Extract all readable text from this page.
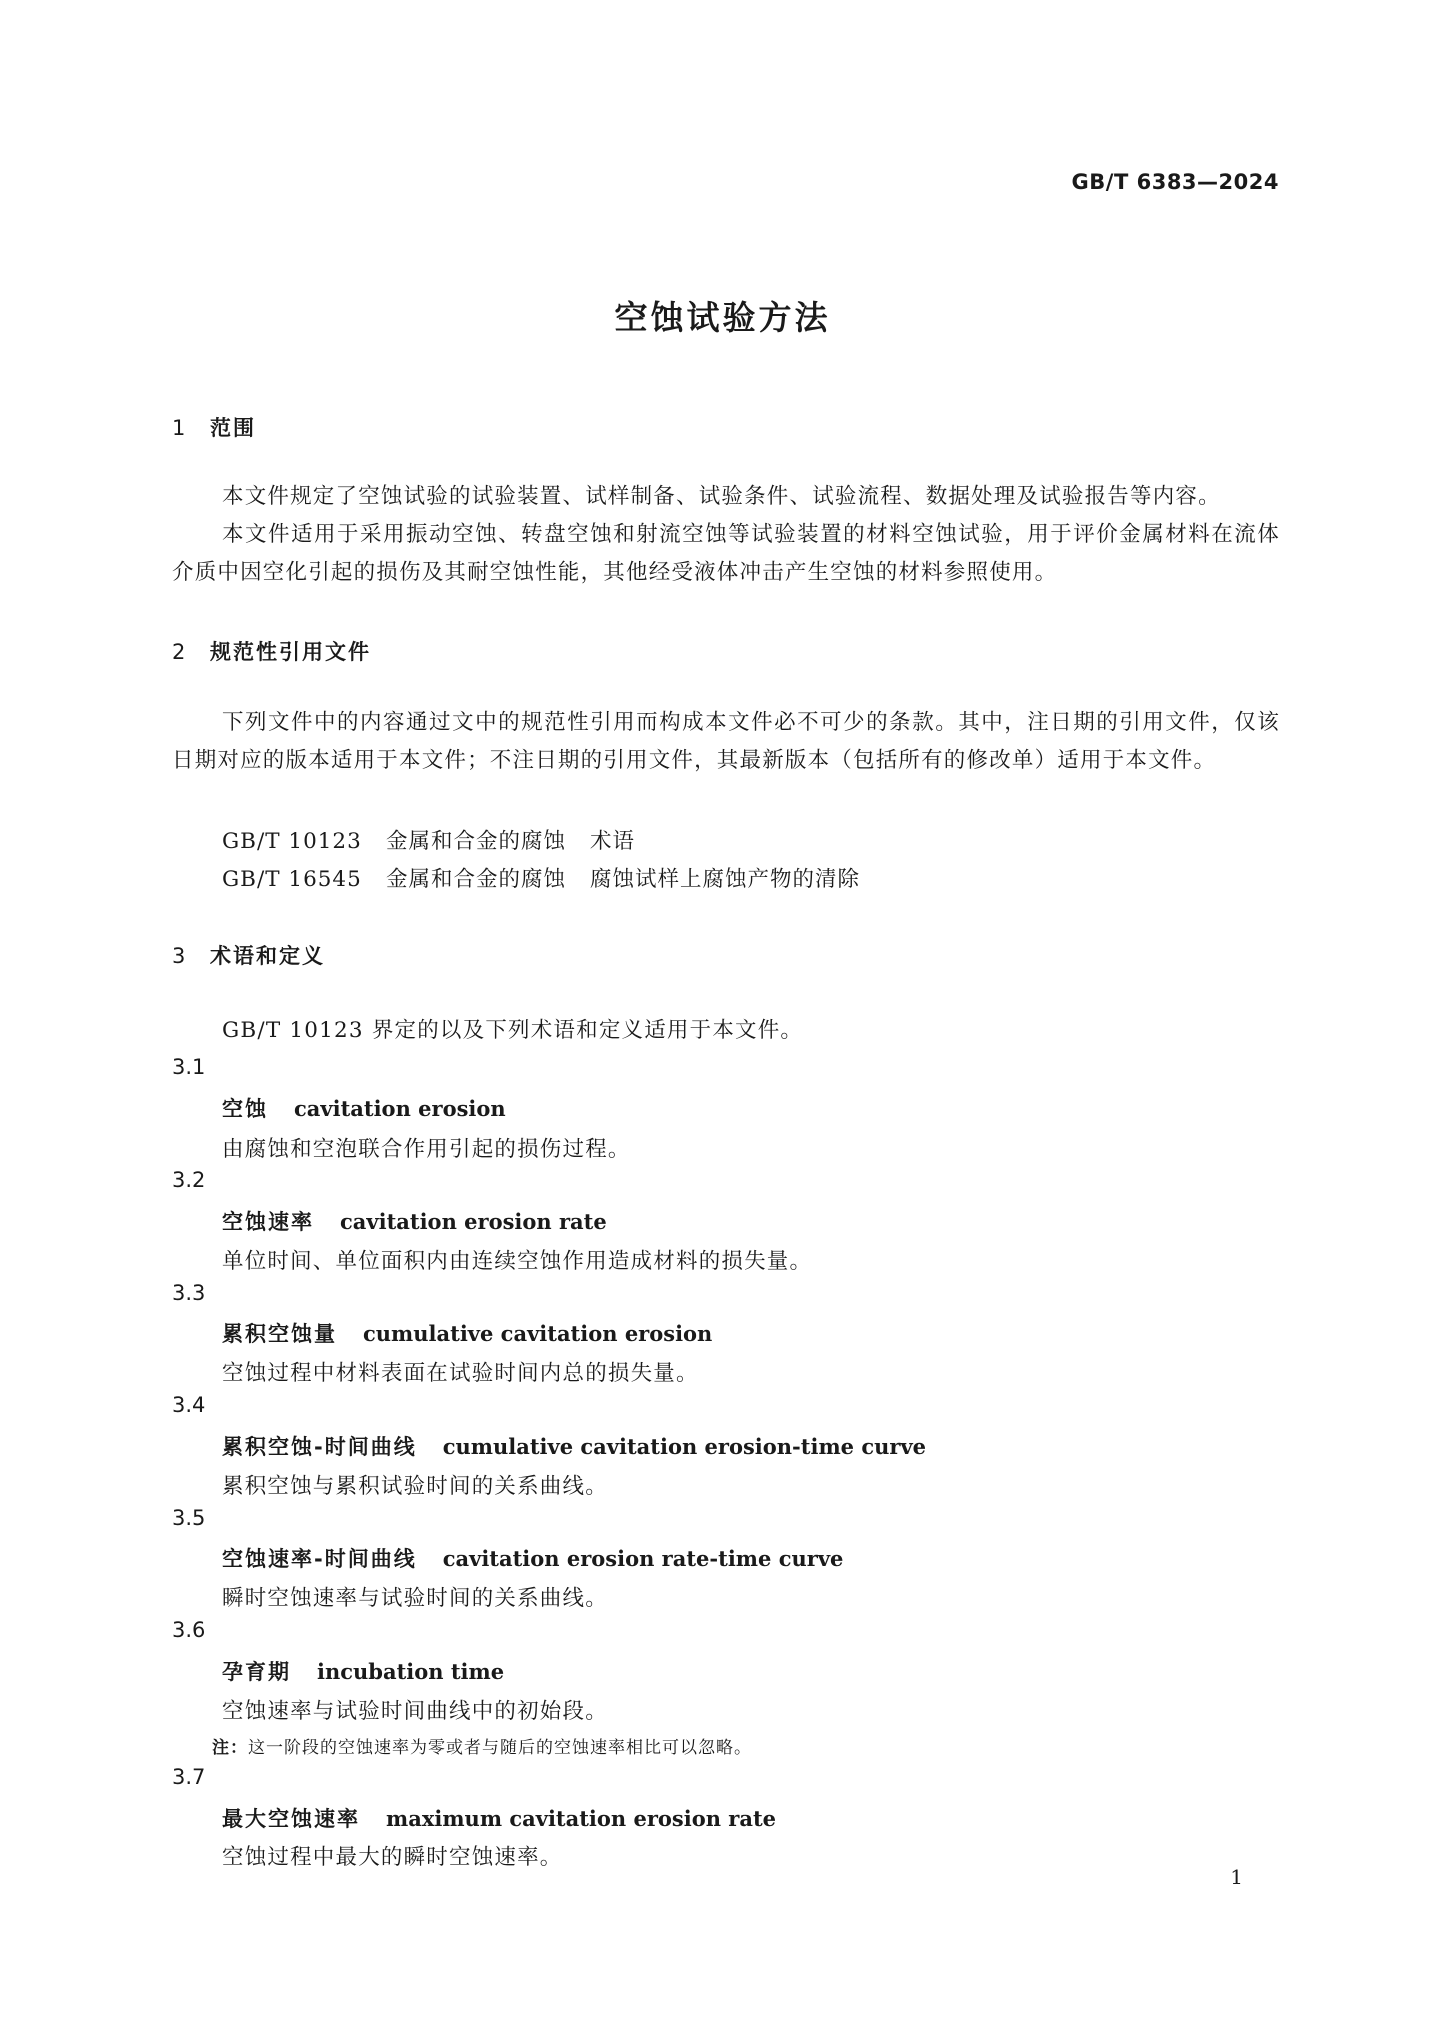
GB/T 6383—2024
空蚀试验方法
1 范围
本文件规定了空蚀试验的试验装置、试样制备、试验条件、试验流程、数据处理及试验报告等内容。
本文件适用于采用振动空蚀、转盘空蚀和射流空蚀等试验装置的材料空蚀试验，用于评价金属材料在流体介质中因空化引起的损伤及其耐空蚀性能，其他经受液体冲击产生空蚀的材料参照使用。
2 规范性引用文件
下列文件中的内容通过文中的规范性引用而构成本文件必不可少的条款。其中，注日期的引用文件，仅该日期对应的版本适用于本文件；不注日期的引用文件，其最新版本（包括所有的修改单）适用于本文件。
GB/T 10123 金属和合金的腐蚀 术语
GB/T 16545 金属和合金的腐蚀 腐蚀试样上腐蚀产物的清除
3 术语和定义
GB/T 10123 界定的以及下列术语和定义适用于本文件。
3.1
空蚀 cavitation erosion
由腐蚀和空泡联合作用引起的损伤过程。
3.2
空蚀速率 cavitation erosion rate
单位时间、单位面积内由连续空蚀作用造成材料的损失量。
3.3
累积空蚀量 cumulative cavitation erosion
空蚀过程中材料表面在试验时间内总的损失量。
3.4
累积空蚀-时间曲线 cumulative cavitation erosion-time curve
累积空蚀与累积试验时间的关系曲线。
3.5
空蚀速率-时间曲线 cavitation erosion rate-time curve
瞬时空蚀速率与试验时间的关系曲线。
3.6
孕育期 incubation time
空蚀速率与试验时间曲线中的初始段。
注：这一阶段的空蚀速率为零或者与随后的空蚀速率相比可以忽略。
3.7
最大空蚀速率 maximum cavitation erosion rate
空蚀过程中最大的瞬时空蚀速率。
1
